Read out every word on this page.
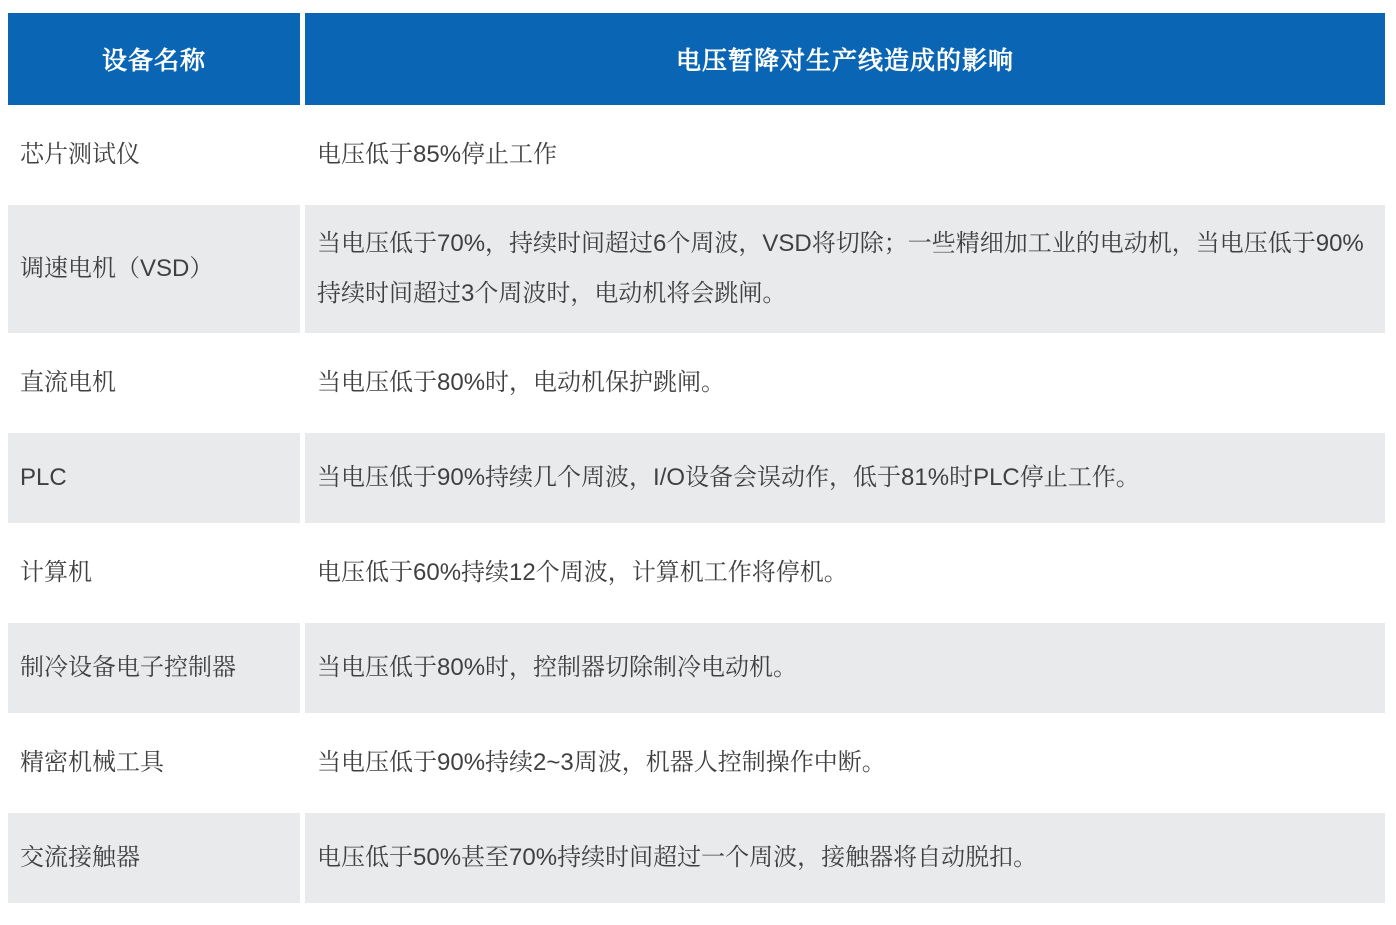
设备名称	电压暂降对生产线造成的影响
芯片测试仪	电压低于85%停止工作
调速电机（VSD）	当电压低于70%，持续时间超过6个周波，VSD将切除；一些精细加工业的电动机，当电压低于90%持续时间超过3个周波时，电动机将会跳闸。
直流电机	当电压低于80%时，电动机保护跳闸。
PLC	当电压低于90%持续几个周波，I/O设备会误动作，低于81%时PLC停止工作。
计算机	电压低于60%持续12个周波，计算机工作将停机。
制冷设备电子控制器	当电压低于80%时，控制器切除制冷电动机。
精密机械工具	当电压低于90%持续2~3周波，机器人控制操作中断。
交流接触器	电压低于50%甚至70%持续时间超过一个周波，接触器将自动脱扣。
